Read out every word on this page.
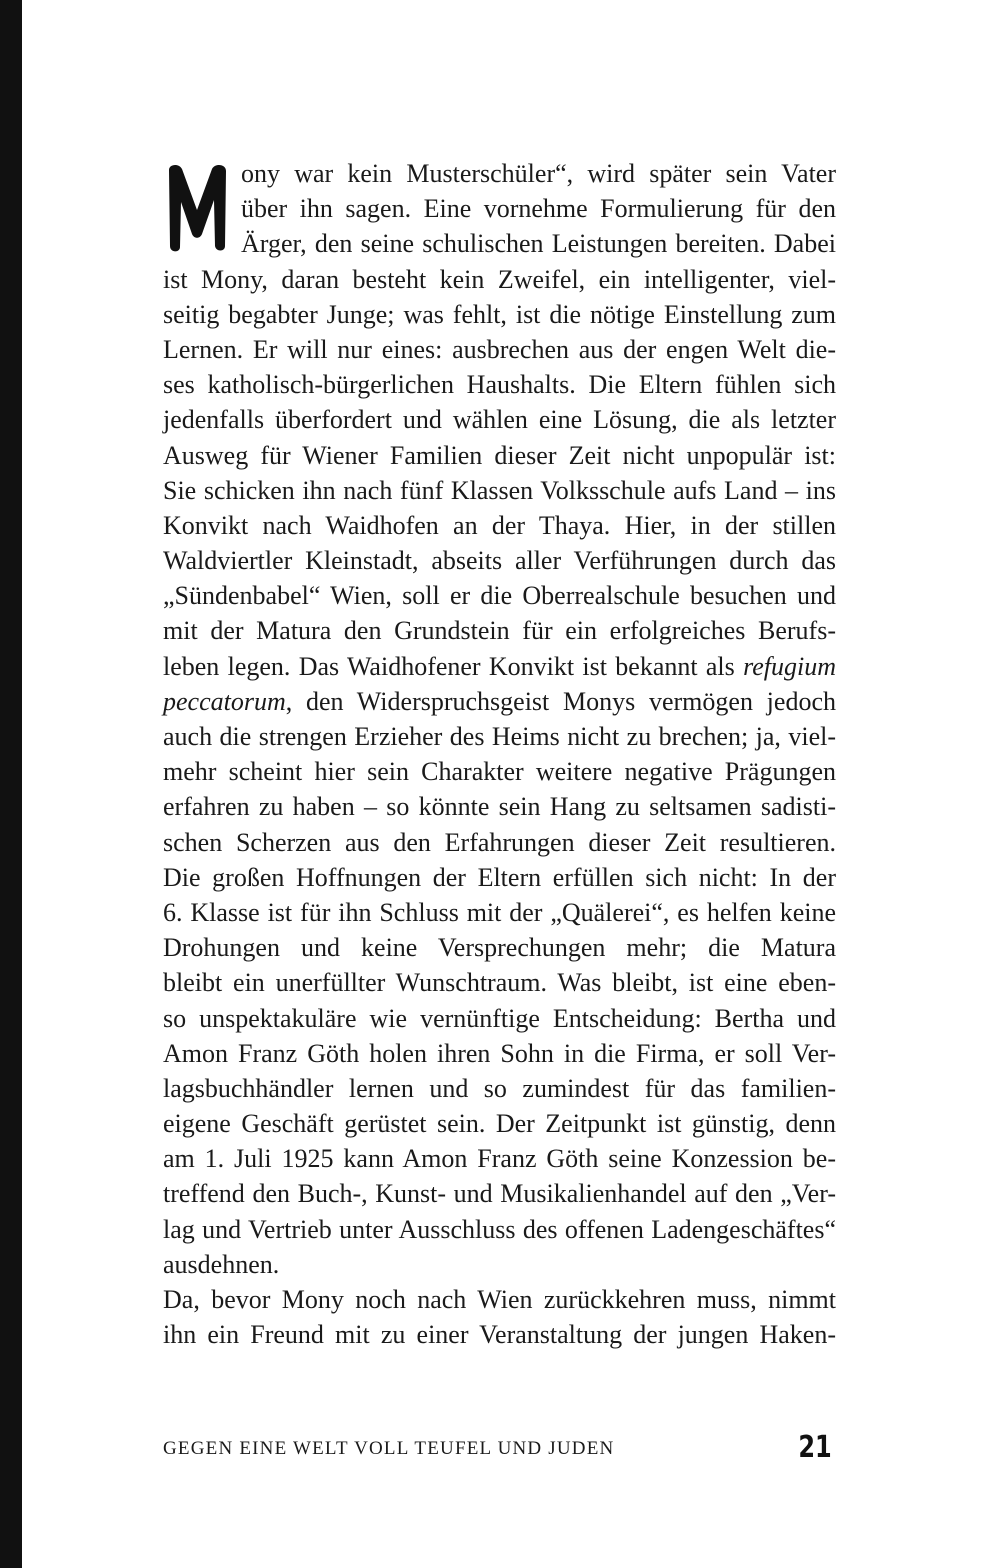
ony war kein Musterschüler“, wird später sein Vater
über ihn sagen. Eine vornehme Formulierung für den
Ärger, den seine schulischen Leistungen bereiten. Dabei
ist Mony, daran besteht kein Zweifel, ein intelligenter, viel-
seitig begabter Junge; was fehlt, ist die nötige Einstellung zum
Lernen. Er will nur eines: ausbrechen aus der engen Welt die-
ses katholisch-bürgerlichen Haushalts. Die Eltern fühlen sich
jedenfalls überfordert und wählen eine Lösung, die als letzter
Ausweg für Wiener Familien dieser Zeit nicht unpopulär ist:
Sie schicken ihn nach fünf Klassen Volksschule aufs Land – ins
Konvikt nach Waidhofen an der Thaya. Hier, in der stillen
Waldviertler Kleinstadt, abseits aller Verführungen durch das
„Sündenbabel“ Wien, soll er die Oberrealschule besuchen und
mit der Matura den Grundstein für ein erfolgreiches Berufs-
leben legen. Das Waidhofener Konvikt ist bekannt als refugium
peccatorum, den Widerspruchsgeist Monys vermögen jedoch
auch die strengen Erzieher des Heims nicht zu brechen; ja, viel-
mehr scheint hier sein Charakter weitere negative Prägungen
erfahren zu haben – so könnte sein Hang zu seltsamen sadisti-
schen Scherzen aus den Erfahrungen dieser Zeit resultieren.
Die großen Hoffnungen der Eltern erfüllen sich nicht: In der
6. Klasse ist für ihn Schluss mit der „Quälerei“, es helfen keine
Drohungen und keine Versprechungen mehr; die Matura
bleibt ein unerfüllter Wunschtraum. Was bleibt, ist eine eben-
so unspektakuläre wie vernünftige Entscheidung: Bertha und
Amon Franz Göth holen ihren Sohn in die Firma, er soll Ver-
lagsbuchhändler lernen und so zumindest für das familien-
eigene Geschäft gerüstet sein. Der Zeitpunkt ist günstig, denn
am 1. Juli 1925 kann Amon Franz Göth seine Konzession be-
treffend den Buch-, Kunst- und Musikalienhandel auf den „Ver-
lag und Vertrieb unter Ausschluss des offenen Ladengeschäftes“
ausdehnen.
Da, bevor Mony noch nach Wien zurückkehren muss, nimmt
ihn ein Freund mit zu einer Veranstaltung der jungen Haken-
GEGEN EINE WELT VOLL TEUFEL UND JUDEN	21
